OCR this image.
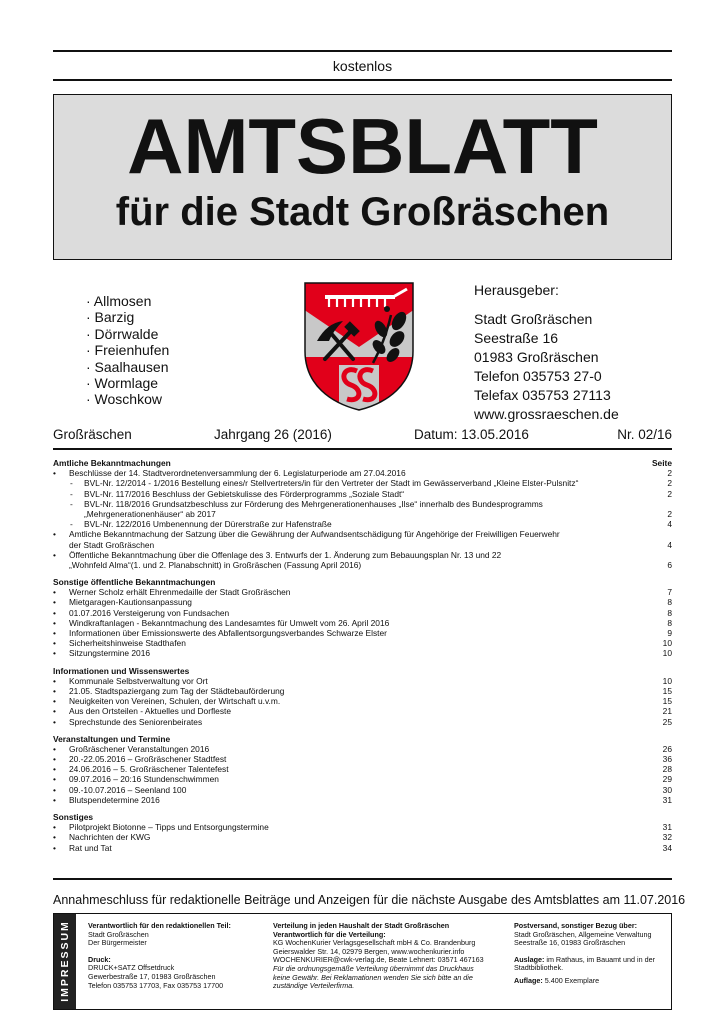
kostenlos
AMTSBLATT
für die Stadt Großräschen
· Allmosen
· Barzig
· Dörrwalde
· Freienhufen
· Saalhausen
· Wormlage
· Woschkow
Herausgeber:
Stadt Großräschen
Seestraße 16
01983 Großräschen
Telefon 035753 27-0
Telefax 035753 27113
www.grossraeschen.de
Großräschen	Jahrgang 26 (2016)	Datum: 13.05.2016	Nr. 02/16
Amtliche Bekanntmachungen	Seite
• Beschlüsse der 14. Stadtverordnetenversammlung der 6. Legislaturperiode am 27.04.2016	2
- BVL-Nr. 12/2014 - 1/2016 Bestellung eines/r Stellvertreters/in für den Vertreter der Stadt im Gewässerverband „Kleine Elster-Pulsnitz“	2
- BVL-Nr. 117/2016 Beschluss der Gebietskulisse des Förderprogramms „Soziale Stadt“	2
- BVL-Nr. 118/2016 Grundsatzbeschluss zur Förderung des Mehrgenerationenhauses „Ilse“ innerhalb des Bundesprogramms
„Mehrgenerationenhäuser“ ab 2017	2
- BVL-Nr. 122/2016 Umbenennung der Dürerstraße zur Hafenstraße	4
• Amtliche Bekanntmachung der Satzung über die Gewährung der Aufwandsentschädigung für Angehörige der Freiwilligen Feuerwehr
der Stadt Großräschen	4
• Öffentliche Bekanntmachung über die Offenlage des 3. Entwurfs der 1. Änderung zum Bebauungsplan Nr. 13 und 22
„Wohnfeld Alma“(1. und 2. Planabschnitt) in Großräschen (Fassung April 2016)	6
Sonstige öffentliche Bekanntmachungen
• Werner Scholz erhält Ehrenmedaille der Stadt Großräschen	7
• Mietgaragen-Kautionsanpassung	8
• 01.07.2016 Versteigerung von Fundsachen	8
• Windkraftanlagen - Bekanntmachung des Landesamtes für Umwelt vom 26. April 2016	8
• Informationen über Emissionswerte des Abfallentsorgungsverbandes Schwarze Elster	9
• Sicherheitshinweise Stadthafen	10
• Sitzungstermine 2016	10
Informationen und Wissenswertes
• Kommunale Selbstverwaltung vor Ort	10
• 21.05. Stadtspaziergang zum Tag der Städtebauförderung	15
• Neuigkeiten von Vereinen, Schulen, der Wirtschaft u.v.m.	15
• Aus den Ortsteilen - Aktuelles und Dorfleste	21
• Sprechstunde des Seniorenbeirates	25
Veranstaltungen und Termine
• Großräschener Veranstaltungen 2016	26
• 20.-22.05.2016 – Großräschener Stadtfest	36
• 24.06.2016 – 5. Großräschener Talentefest	28
• 09.07.2016 – 20:16 Stundenschwimmen	29
• 09.-10.07.2016 – Seenland 100	30
• Blutspendetermine 2016	31
Sonstiges
• Pilotprojekt Biotonne – Tipps und Entsorgungstermine	31
• Nachrichten der KWG	32
• Rat und Tat	34
Annahmeschluss für redaktionelle Beiträge und Anzeigen für die nächste Ausgabe des Amtsblattes am 11.07.2016
IMPRESSUM Verantwortlich für den redaktionellen Teil:
Stadt Großräschen
Der Bürgermeister
Druck:
DRUCK+SATZ Offsetdruck
Gewerbestraße 17, 01983 Großräschen
Telefon 035753 17703, Fax 035753 17700
Verteilung in jeden Haushalt der Stadt Großräschen
Verantwortlich für die Verteilung:
KG WochenKurier Verlagsgesellschaft mbH & Co. Brandenburg
Geierswalder Str. 14, 02979 Bergen, www.wochenkurier.info
WOCHENKURIER@cwk-verlag.de, Beate Lehnert: 03571 467163
Für die ordnungsgemäße Verteilung übernimmt das Druckhaus
keine Gewähr. Bei Reklamationen wenden Sie sich bitte an die
zuständige Verteilerfirma.
Postversand, sonstiger Bezug über:
Stadt Großräschen, Allgemeine Verwaltung
Seestraße 16, 01983 Großräschen
Auslage: im Rathaus, im Bauamt und in der
Stadtbibliothek.
Auflage: 5.400 Exemplare
